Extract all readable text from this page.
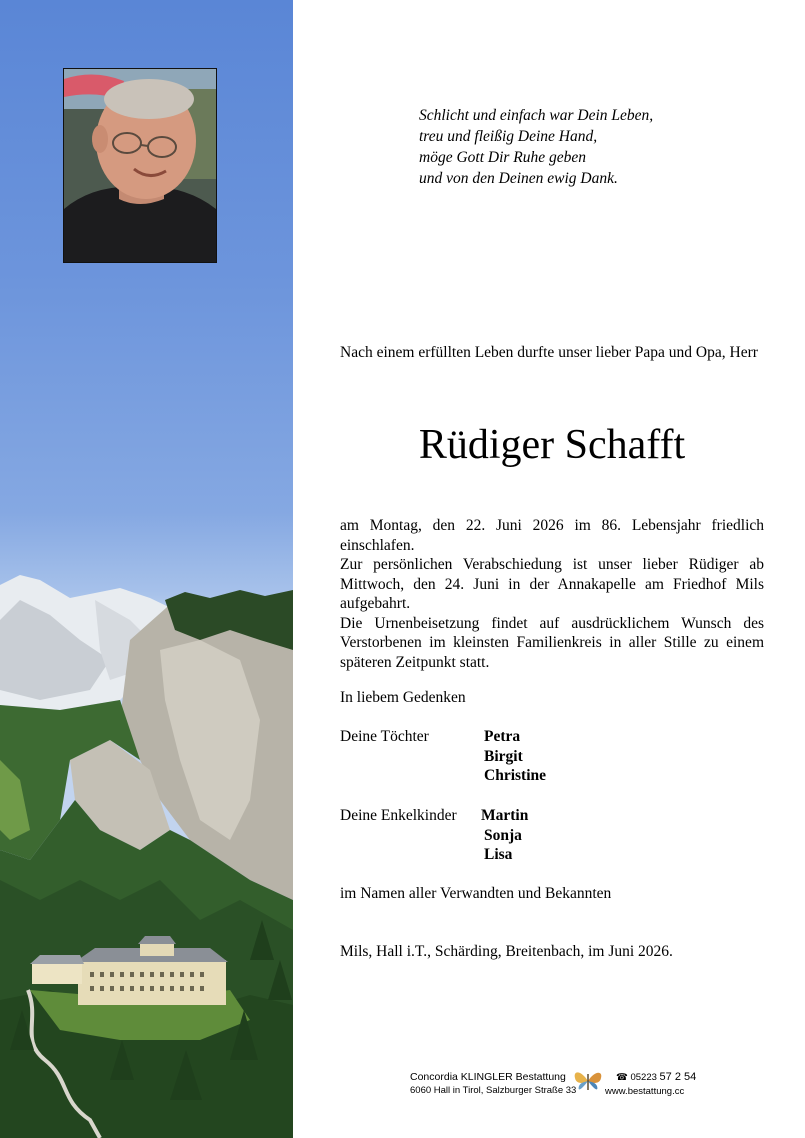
Schlicht und einfach war Dein Leben,
treu und fleißig Deine Hand,
möge Gott Dir Ruhe geben
und von den Deinen ewig Dank.
Nach einem erfüllten Leben durfte unser lieber Papa und Opa, Herr
Rüdiger Schafft

am Montag, den 22. Juni 2026 im 86. Lebensjahr friedlich einschlafen.

Zur persönlichen Verabschiedung ist unser lieber Rüdiger ab Mittwoch, den 24. Juni in der Annakapelle am Friedhof Mils aufgebahrt.

Die Urnenbeisetzung findet auf ausdrücklichem Wunsch des Verstorbenen im kleinsten Familienkreis in aller Stille zu einem späteren Zeitpunkt statt.

In liebem Gedenken
Deine Töchter	Petra
Birgit
Christine
Deine Enkelkinder Martin
Sonja
Lisa
im Namen aller Verwandten und Bekannten
Mils, Hall i.T., Schärding, Breitenbach, im Juni 2026.
Concordia KLINGLER Bestattung
6060 Hall in Tirol, Salzburger Straße 33
☎ 05223 57 2 54
www.bestattung.cc
